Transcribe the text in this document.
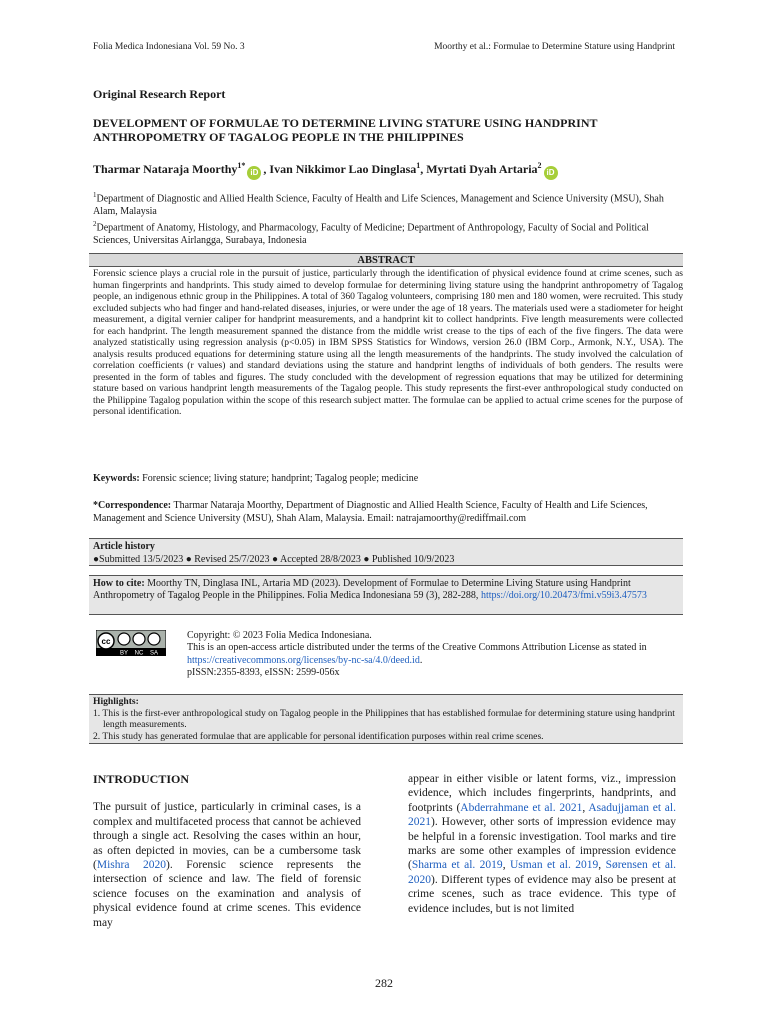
Folia Medica Indonesiana Vol. 59 No. 3	Moorthy et al.: Formulae to Determine Stature using Handprint
Original Research Report
DEVELOPMENT OF FORMULAE TO DETERMINE LIVING STATURE USING HANDPRINT ANTHROPOMETRY OF TAGALOG PEOPLE IN THE PHILIPPINES
Tharmar Nataraja Moorthy$^{1*}$iD , Ivan Nikkimor Lao Dinglasa$^1$, Myrtati Dyah Artaria$^2$iD

$^1$Department of Diagnostic and Allied Health Science, Faculty of Health and Life Sciences, Management and Science University (MSU), Shah Alam, Malaysia

$^2$Department of Anatomy, Histology, and Pharmacology, Faculty of Medicine; Department of Anthropology, Faculty of Social and Political Sciences, Universitas Airlangga, Surabaya, Indonesia

ABSTRACT
Forensic science plays a crucial role in the pursuit of justice, particularly through the identification of physical evidence found at crime scenes, such as human fingerprints and handprints. This study aimed to develop formulae for determining living stature using the handprint anthropometry of Tagalog people, an indigenous ethnic group in the Philippines. A total of 360 Tagalog volunteers, comprising 180 men and 180 women, were recruited. This study excluded subjects who had finger and hand-related diseases, injuries, or were under the age of 18 years. The materials used were a stadiometer for height measurement, a digital vernier caliper for handprint measurements, and a handprint kit to collect handprints. Five length measurements were collected for each handprint. The length measurement spanned the distance from the middle wrist crease to the tips of each of the five fingers. The data were analyzed statistically using regression analysis (p<0.05) in IBM SPSS Statistics for Windows, version 26.0 (IBM Corp., Armonk, N.Y., USA). The analysis results produced equations for determining stature using all the length measurements of the handprints. The study involved the calculation of correlation coefficients (r values) and standard deviations using the stature and handprint lengths of individuals of both genders. The results were presented in the form of tables and figures. The study concluded with the development of regression equations that may be utilized for determining stature based on various handprint length measurements of the Tagalog people. This study represents the first-ever anthropological study conducted on the Philippine Tagalog population within the scope of this research subject matter. The formulae can be applied to actual crime scenes for the purpose of personal identification.
Keywords: Forensic science; living stature; handprint; Tagalog people; medicine
*Correspondence: Tharmar Nataraja Moorthy, Department of Diagnostic and Allied Health Science, Faculty of Health and Life Sciences, Management and Science University (MSU), Shah Alam, Malaysia. Email: natrajamoorthy@rediffmail.com
Article history
●Submitted 13/5/2023 ● Revised 25/7/2023 ● Accepted 28/8/2023 ● Published 10/9/2023
How to cite: Moorthy TN, Dinglasa INL, Artaria MD (2023). Development of Formulae to Determine Living Stature using Handprint Anthropometry of Tagalog People in the Philippines. Folia Medica Indonesiana 59 (3), 282-288, https://doi.org/10.20473/fmi.v59i3.47573
cc
BY NC SA
Copyright: © 2023 Folia Medica Indonesiana.
This is an open-access article distributed under the terms of the Creative Commons Attribution License as stated in https://creativecommons.org/licenses/by-nc-sa/4.0/deed.id.
pISSN:2355-8393, eISSN: 2599-056x
Highlights:
1. This is the first-ever anthropological study on Tagalog people in the Philippines that has established formulae for determining stature using handprint length measurements.
2. This study has generated formulae that are applicable for personal identification purposes within real crime scenes.
INTRODUCTION

The pursuit of justice, particularly in criminal cases, is a complex and multifaceted process that cannot be achieved through a single act. Resolving the cases within an hour, as often depicted in movies, can be a cumbersome task (Mishra 2020). Forensic science represents the intersection of science and law. The field of forensic science focuses on the examination and analysis of physical evidence found at crime scenes. This evidence may

appear in either visible or latent forms, viz., impression evidence, which includes fingerprints, handprints, and footprints (Abderrahmane et al. 2021, Asadujjaman et al. 2021). However, other sorts of impression evidence may be helpful in a forensic investigation. Tool marks and tire marks are some other examples of impression evidence (Sharma et al. 2019, Usman et al. 2019, Sørensen et al. 2020). Different types of evidence may also be present at crime scenes, such as trace evidence. This type of evidence includes, but is not limited

282
